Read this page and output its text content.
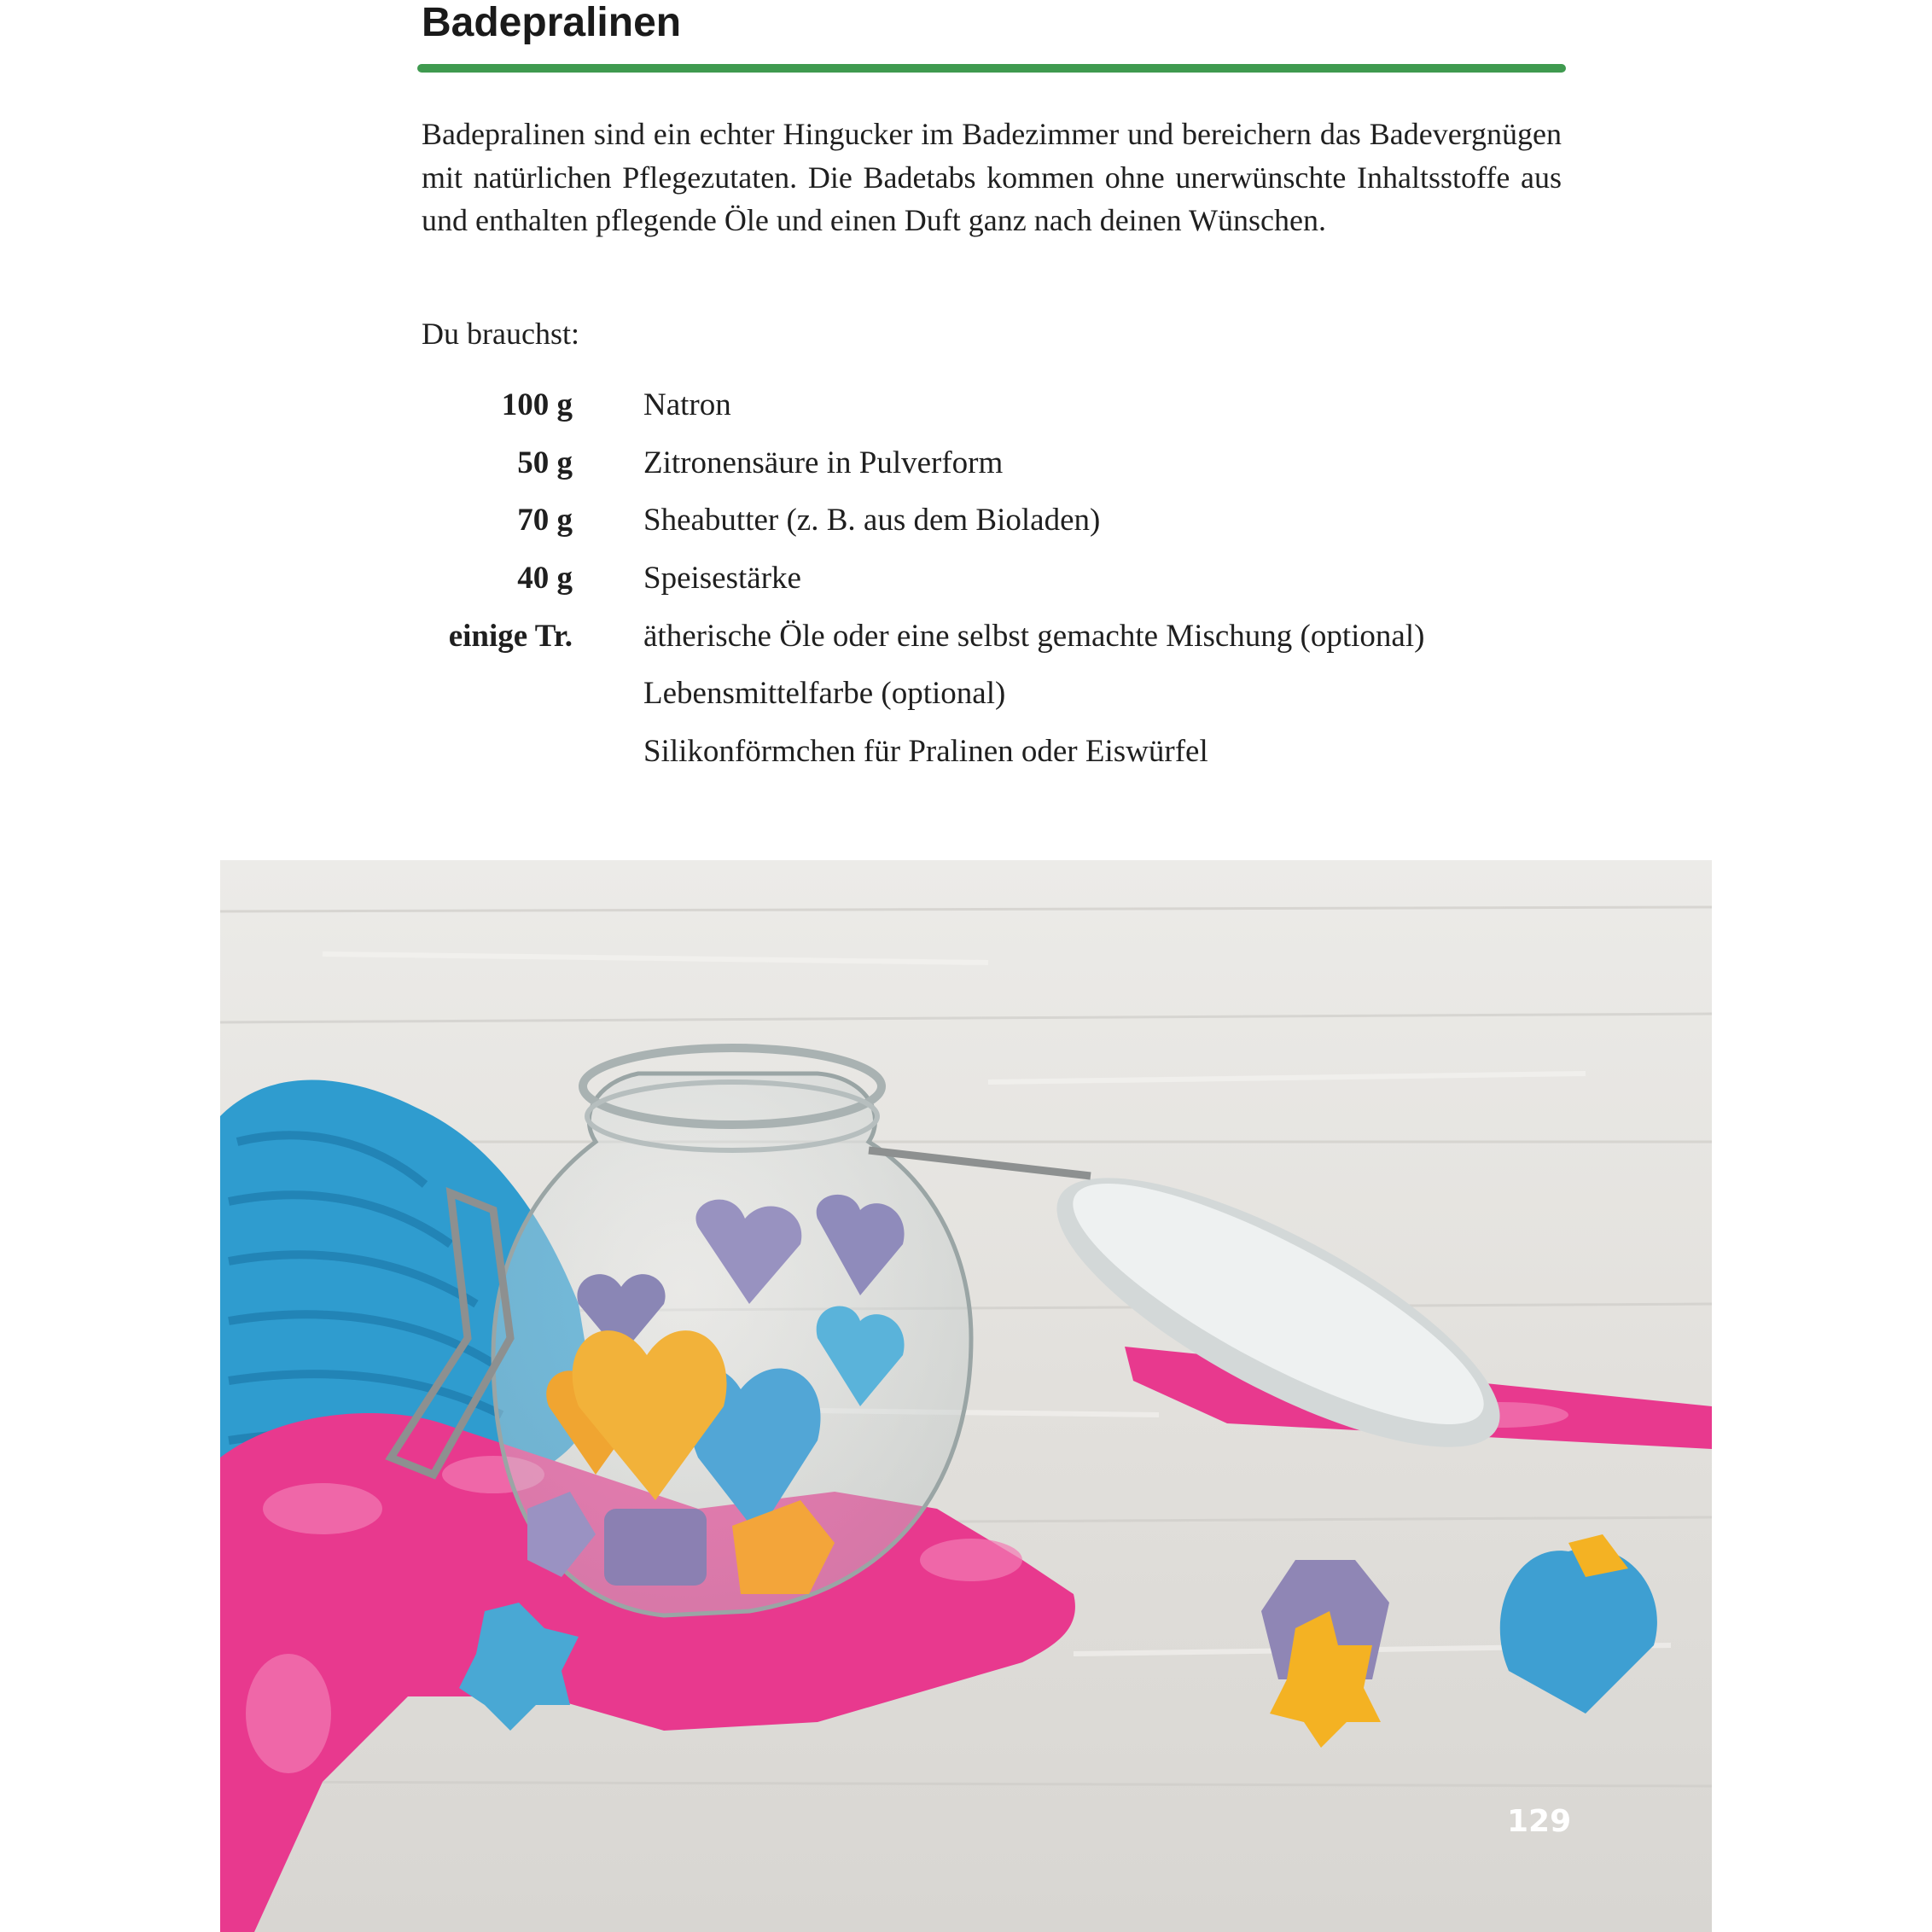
Badepralinen

Badepralinen sind ein echter Hingucker im Badezimmer und bereichern das Badevergnügen mit natürlichen Pflegezutaten. Die Badetabs kommen ohne unerwünschte Inhaltsstoffe aus und enthalten pflegende Öle und einen Duft ganz nach deinen Wünschen.

Du brauchst:
100 g Natron
50 g Zitronensäure in Pulverform
70 g Sheabutter (z. B. aus dem Bioladen)
40 g Speisestärke
einige Tr. ätherische Öle oder eine selbst gemachte Mischung (optional)
Lebensmittelfarbe (optional)
Silikonförmchen für Pralinen oder Eiswürfel
129
